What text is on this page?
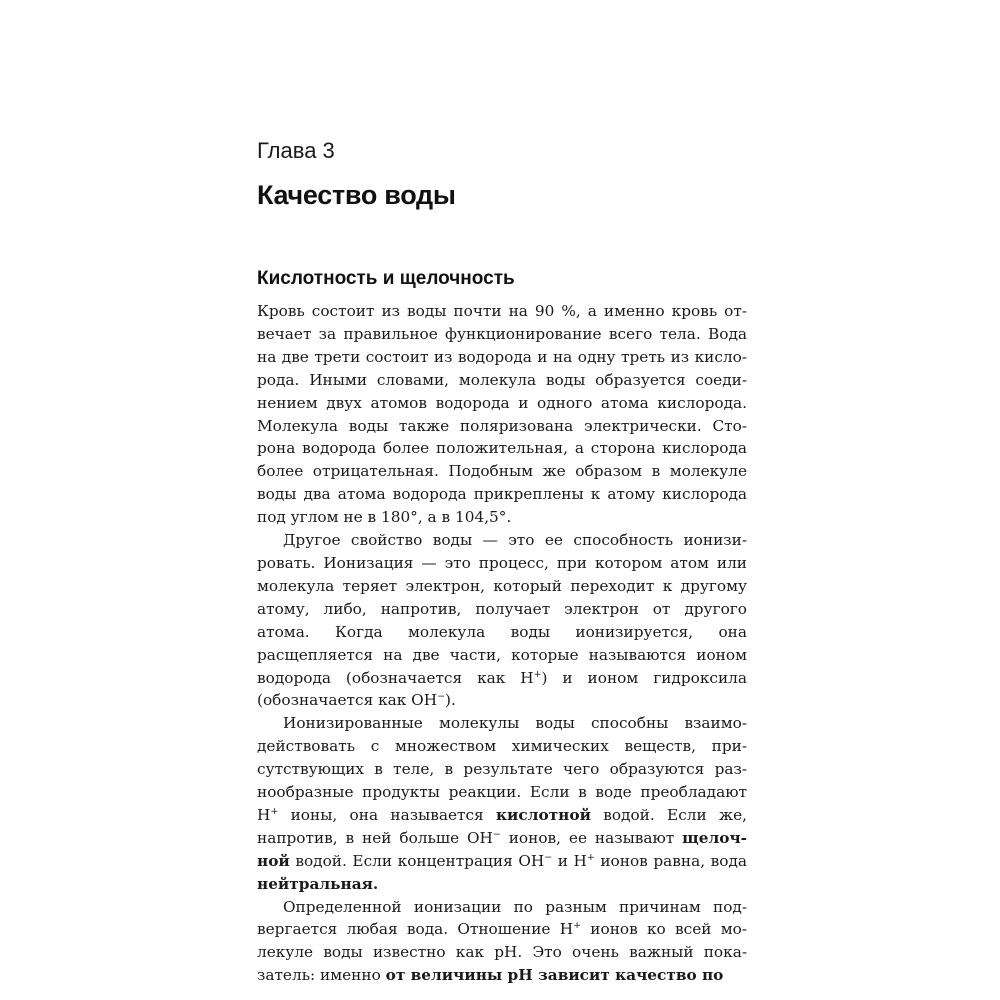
Глава 3

Качество воды
Кислотность и щелочность

Кровь состоит из воды почти на 90 %, а именно кровь отвечает за правильное функционирование всего тела. Вода на две трети состоит из водорода и на одну треть из кислорода. Иными словами, молекула воды образуется соединением двух атомов водорода и одного атома кислорода. Молекула воды также поляризована электрически. Сторона водорода более положительная, а сторона кислорода более отрицательная. Подобным же образом в молекуле воды два атома водорода прикреплены к атому кислорода под углом не в 180°, а в 104,5°.

Другое свойство воды — это ее способность ионизировать. Ионизация — это процесс, при котором атом или молекула теряет электрон, который переходит к другому атому, либо, напротив, получает электрон от другого атома. Когда молекула воды ионизируется, она расщепляется на две части, которые называются ионом водорода (обозначается как H+) и ионом гидроксила (обозначается как OH−).

Ионизированные молекулы воды способны взаимодействовать с множеством химических веществ, присутствующих в теле, в результате чего образуются разнообразные продукты реакции. Если в воде преобладают H+ ионы, она называется кислотной водой. Если же, напротив, в ней больше OH− ионов, ее называют щелочной водой. Если концентрация OH− и H+ ионов равна, вода нейтральная.

Определенной ионизации по разным причинам подвергается любая вода. Отношение H+ ионов ко всей молекуле воды известно как pH. Это очень важный показатель: именно от величины pH зависит качество по
